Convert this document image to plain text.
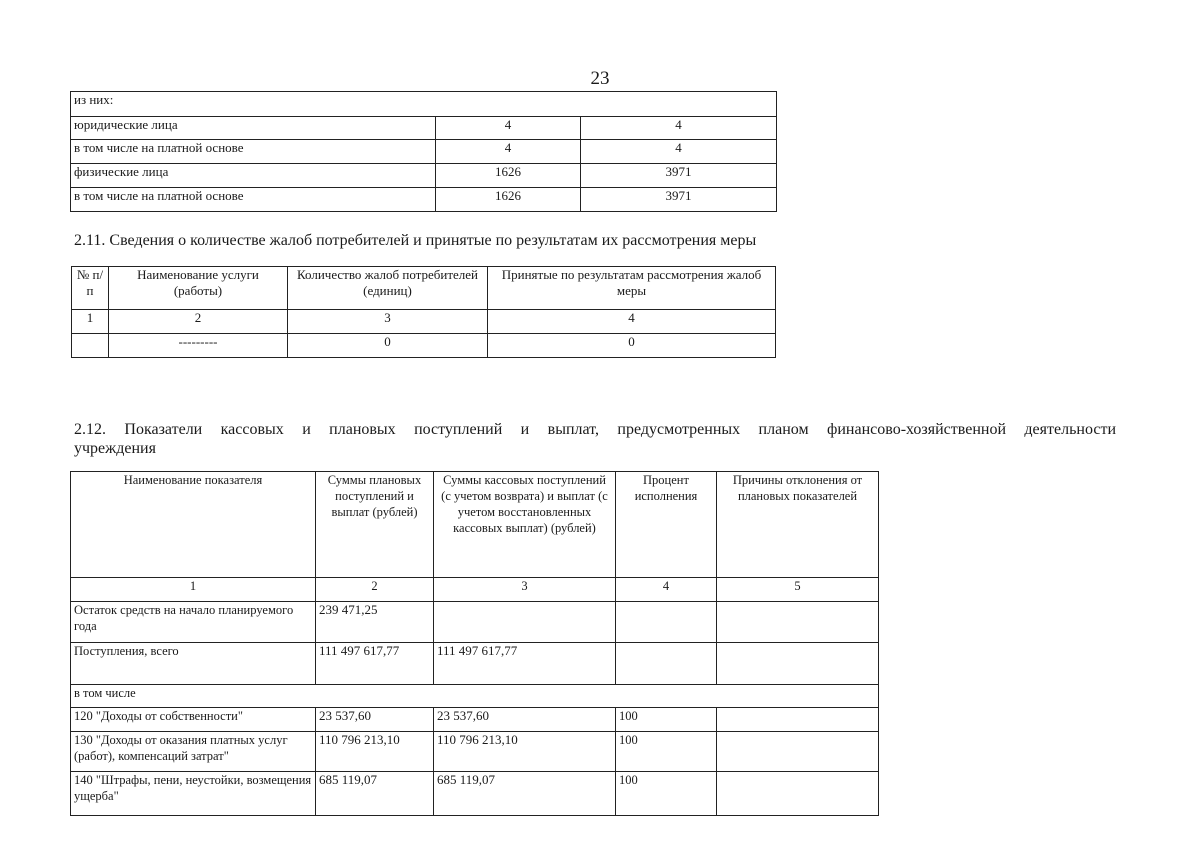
23
из них:		
юридические лица	4	4
в том числе на платной основе	4	4
физические лица	1626	3971
в том числе на платной основе	1626	3971
2.11. Сведения о количестве жалоб потребителей и принятые по результатам их рассмотрения меры
№ п/п	Наименование услуги (работы)	Количество жалоб потребителей (единиц)	Принятые по результатам рассмотрения жалоб меры
1	2	3	4
	---------	0	0
2.12. Показатели кассовых и плановых поступлений и выплат, предусмотренных планом финансово-хозяйственной деятельности
учреждения
Наименование показателя	Суммы плановых поступлений и выплат (рублей)	Суммы кассовых поступлений (с учетом возврата) и выплат (с учетом восстановленных кассовых выплат) (рублей)	Процент исполнения	Причины отклонения от плановых показателей
1	2	3	4	5
Остаток средств на начало планируемого года	239 471,25			
Поступления, всего	111 497 617,77	111 497 617,77		
в том числе				
120 "Доходы от собственности"	23 537,60	23 537,60	100	
130 "Доходы от оказания платных услуг (работ), компенсаций затрат"	110 796 213,10	110 796 213,10	100	
140 "Штрафы, пени, неустойки, возмещения ущерба"	685 119,07	685 119,07	100	
